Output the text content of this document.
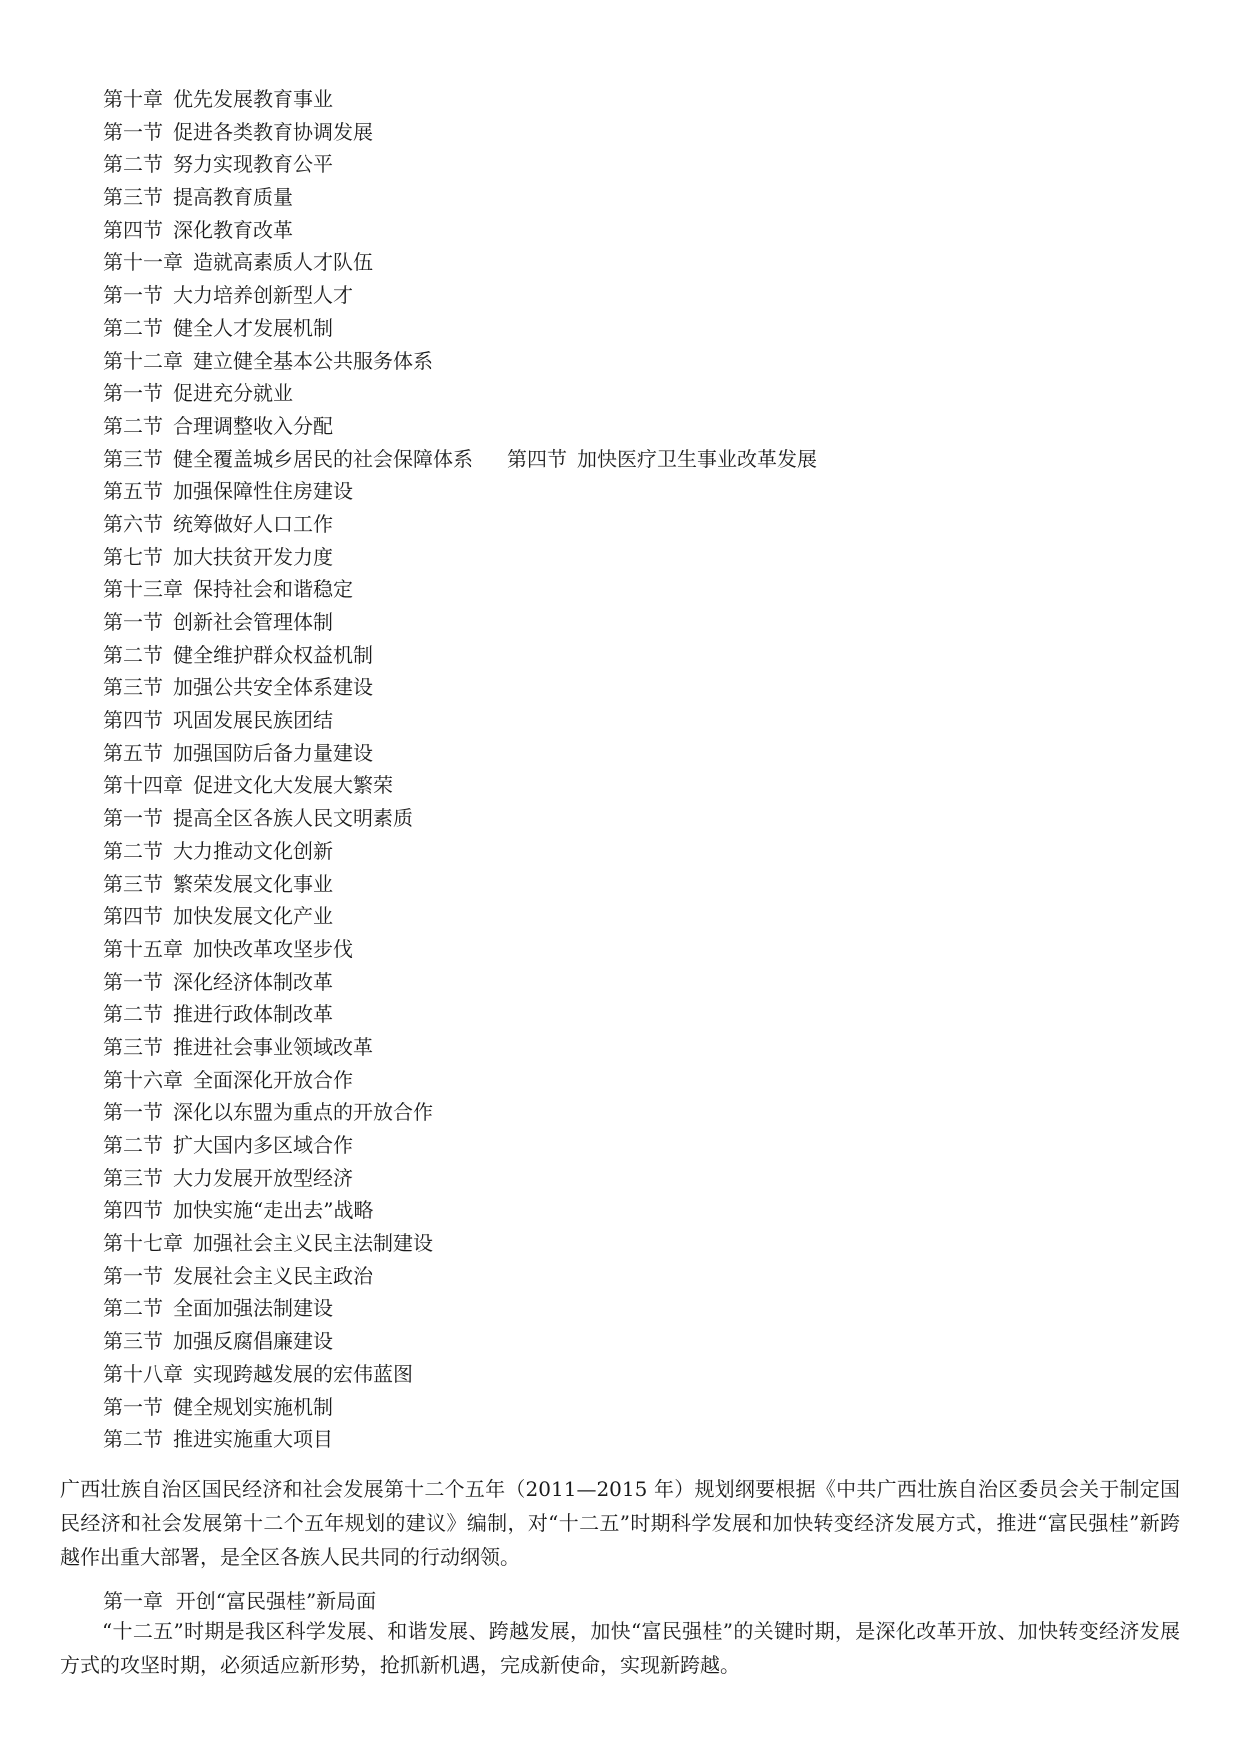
第十章 优先发展教育事业
第一节 促进各类教育协调发展
第二节 努力实现教育公平
第三节 提高教育质量
第四节 深化教育改革
第十一章 造就高素质人才队伍
第一节 大力培养创新型人才
第二节 健全人才发展机制
第十二章 建立健全基本公共服务体系
第一节 促进充分就业
第二节 合理调整收入分配
第三节 健全覆盖城乡居民的社会保障体系 第四节 加快医疗卫生事业改革发展
第五节 加强保障性住房建设
第六节 统筹做好人口工作
第七节 加大扶贫开发力度
第十三章 保持社会和谐稳定
第一节 创新社会管理体制
第二节 健全维护群众权益机制
第三节 加强公共安全体系建设
第四节 巩固发展民族团结
第五节 加强国防后备力量建设
第十四章 促进文化大发展大繁荣
第一节 提高全区各族人民文明素质
第二节 大力推动文化创新
第三节 繁荣发展文化事业
第四节 加快发展文化产业
第十五章 加快改革攻坚步伐
第一节 深化经济体制改革
第二节 推进行政体制改革
第三节 推进社会事业领域改革
第十六章 全面深化开放合作
第一节 深化以东盟为重点的开放合作
第二节 扩大国内多区域合作
第三节 大力发展开放型经济
第四节 加快实施“走出去”战略
第十七章 加强社会主义民主法制建设
第一节 发展社会主义民主政治
第二节 全面加强法制建设
第三节 加强反腐倡廉建设
第十八章 实现跨越发展的宏伟蓝图
第一节 健全规划实施机制
第二节 推进实施重大项目
广西壮族自治区国民经济和社会发展第十二个五年（2011—2015 年）规划纲要根据《中共广西壮族自治区委员会关于制定国民经济和社会发展第十二个五年规划的建议》编制，对“十二五”时期科学发展和加快转变经济发展方式，推进“富民强桂”新跨越作出重大部署，是全区各族人民共同的行动纲领。
第一章 开创“富民强桂”新局面
“十二五”时期是我区科学发展、和谐发展、跨越发展，加快“富民强桂”的关键时期，是深化改革开放、加快转变经济发展方式的攻坚时期，必须适应新形势，抢抓新机遇，完成新使命，实现新跨越。
